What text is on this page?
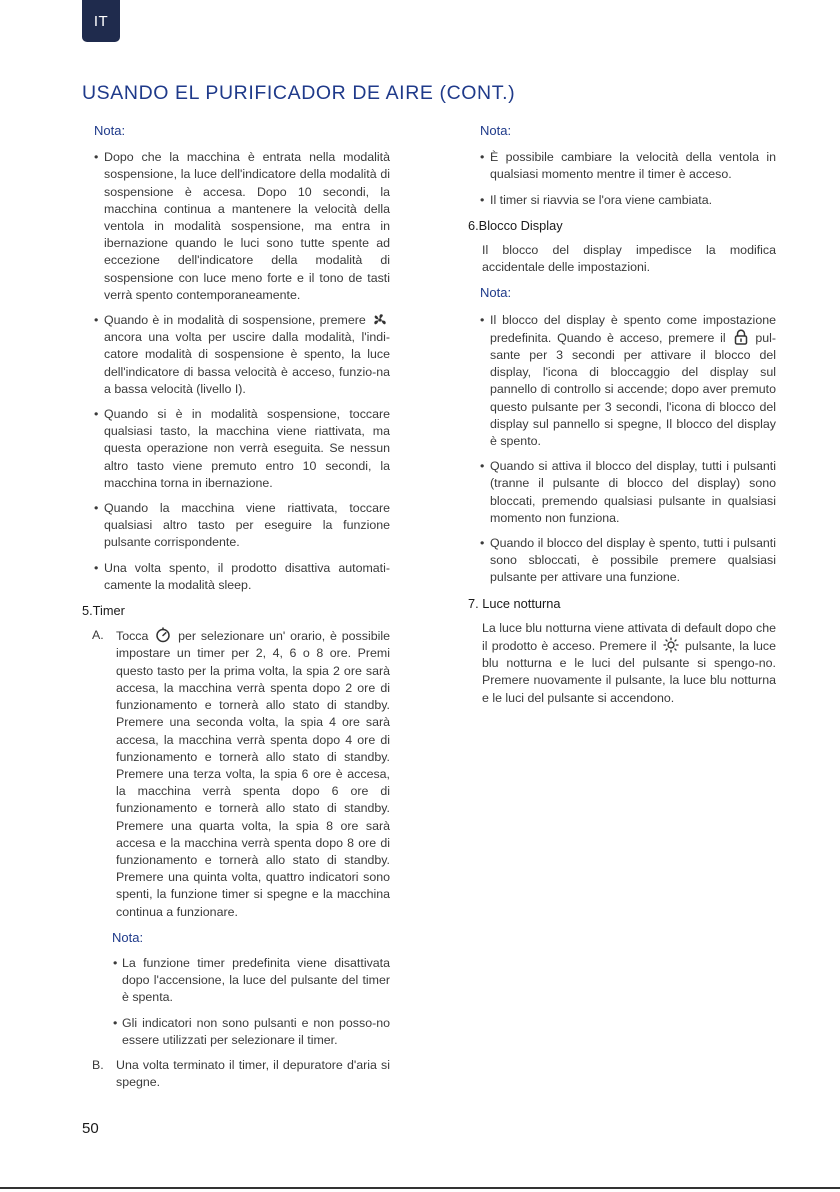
IT
USANDO EL PURIFICADOR DE AIRE (CONT.)
Nota:
• Dopo che la macchina è entrata nella modalità sospensione, la luce dell'indicatore della modalità di sospensione è accesa. Dopo 10 secondi, la macchina continua a mantenere la velocità della ventola in modalità sospensione, ma entra in ibernazione quando le luci sono tutte spente ad eccezione dell'indicatore della modalità di sospensione con luce meno forte e il tono de tasti verrà spento contemporaneamente.
• Quando è in modalità di sospensione, premere  ancora una volta per uscire dalla modalità, l'indi-catore modalità di sospensione è spento, la luce dell'indicatore di bassa velocità è acceso, funzio-na a bassa velocità (livello I).
• Quando si è in modalità sospensione, toccare qualsiasi tasto, la macchina viene riattivata, ma questa operazione non verrà eseguita. Se nessun altro tasto viene premuto entro 10 secondi, la macchina torna in ibernazione.
• Quando la macchina viene riattivata, toccare qualsiasi altro tasto per eseguire la funzione pulsante corrispondente.
• Una volta spento, il prodotto disattiva automati-camente la modalità sleep.
5.Timer
A. Tocca per selezionare un' orario, è possibile impostare un timer per 2, 4, 6 o 8 ore. Premi questo tasto per la prima volta, la spia 2 ore sarà accesa, la macchina verrà spenta dopo 2 ore di funzionamento e tornerà allo stato di standby. Premere una seconda volta, la spia 4 ore sarà accesa, la macchina verrà spenta dopo 4 ore di funzionamento e tornerà allo stato di standby. Premere una terza volta, la spia 6 ore è accesa, la macchina verrà spenta dopo 6 ore di funzionamento e tornerà allo stato di standby. Premere una quarta volta, la spia 8 ore sarà accesa e la macchina verrà spenta dopo 8 ore di funzionamento e tornerà allo stato di standby. Premere una quinta volta, quattro indicatori sono spenti, la funzione timer si spegne e la macchina continua a funzionare.
Nota:
• La funzione timer predefinita viene disattivata dopo l'accensione, la luce del pulsante del timer è spenta.
• Gli indicatori non sono pulsanti e non posso-no essere utilizzati per selezionare il timer.
B. Una volta terminato il timer, il depuratore d'aria si spegne.
Nota:
• È possibile cambiare la velocità della ventola in qualsiasi momento mentre il timer è acceso.
• Il timer si riavvia se l'ora viene cambiata.
6.Blocco Display
Il blocco del display impedisce la modifica accidentale delle impostazioni.
Nota:
• Il blocco del display è spento come impostazione predefinita. Quando è acceso, premere il pul-sante per 3 secondi per attivare il blocco del display, l'icona di bloccaggio del display sul pannello di controllo si accende; dopo aver premuto questo pulsante per 3 secondi, l'icona di blocco del display sul pannello si spegne, Il blocco del display è spento.
• Quando si attiva il blocco del display, tutti i pulsanti (tranne il pulsante di blocco del display) sono bloccati, premendo qualsiasi pulsante in qualsiasi momento non funziona.
• Quando il blocco del display è spento, tutti i pulsanti sono sbloccati, è possibile premere qualsiasi pulsante per attivare una funzione.
7. Luce notturna
La luce blu notturna viene attivata di default dopo che il prodotto è acceso. Premere il pulsante, la luce blu notturna e le luci del pulsante si spengo-no. Premere nuovamente il pulsante, la luce blu notturna e le luci del pulsante si accendono.
50
